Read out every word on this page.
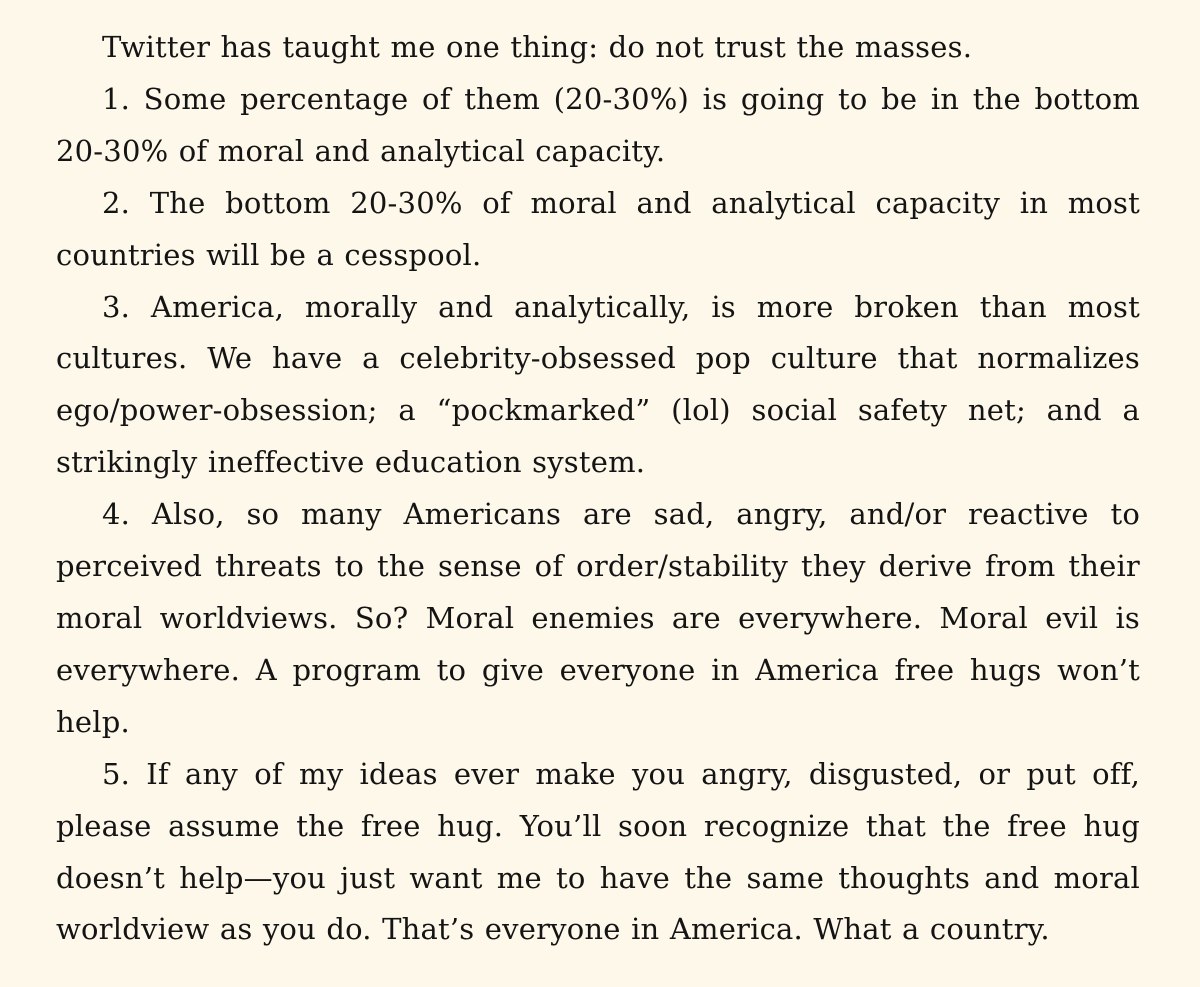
Twitter has taught me one thing: do not trust the masses.

1. Some percentage of them (20-30%) is going to be in the bottom 20-30% of moral and analytical capacity.

2. The bottom 20-30% of moral and analytical capacity in most countries will be a cesspool.

3. America, morally and analytically, is more broken than most cultures. We have a celebrity-obsessed pop culture that normalizes ego/power-obsession; a “pockmarked” (lol) social safety net; and a strikingly ineffective education system.

4. Also, so many Americans are sad, angry, and/or reactive to perceived threats to the sense of order/stability they derive from their moral worldviews. So? Moral enemies are everywhere. Moral evil is everywhere. A program to give everyone in America free hugs won’t help.

5. If any of my ideas ever make you angry, disgusted, or put off, please assume the free hug. You’ll soon recognize that the free hug doesn’t help—you just want me to have the same thoughts and moral worldview as you do. That’s everyone in America. What a country.
